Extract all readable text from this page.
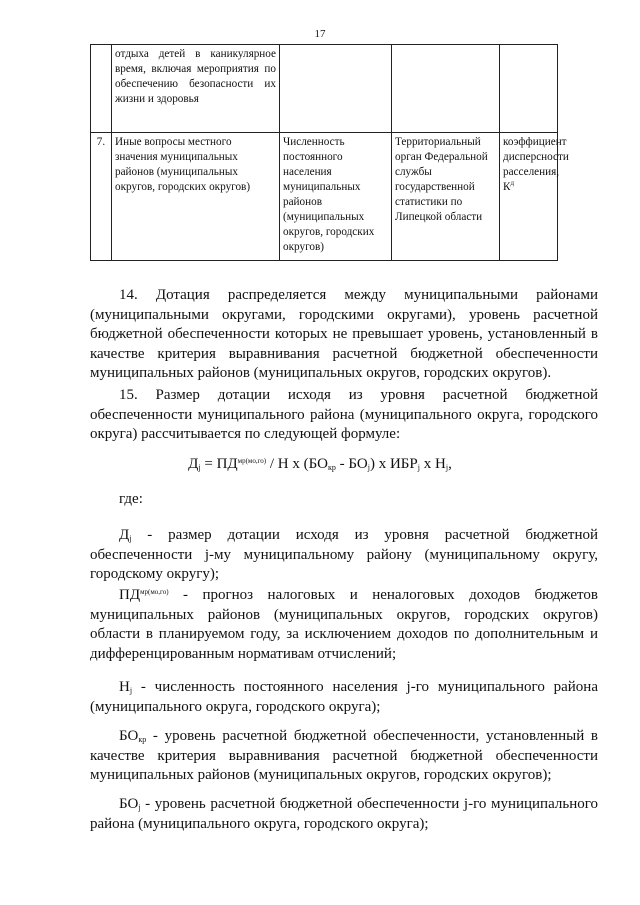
17
	отдыха детей в каникулярное время, включая мероприятия по обеспечению безопасности их жизни и здоровья			
7.	Иные вопросы местного значения муниципальных районов (муниципальных округов, городских округов)	Численность постоянного населения муниципальных районов (муниципальных округов, городских округов)	Территориальный орган Федеральной службы государственной статистики по Липецкой области	коэффициент дисперсности расселения, $К^д$

14. Дотация распределяется между муниципальными районами (муниципальными округами, городскими округами), уровень расчетной бюджетной обеспеченности которых не превышает уровень, установленный в качестве критерия выравнивания расчетной бюджетной обеспеченности муниципальных районов (муниципальных округов, городских округов).

15. Размер дотации исходя из уровня расчетной бюджетной обеспеченности муниципального района (муниципального округа, городского округа) рассчитывается по следующей формуле:

$Д_j = ПД^{мр(мо,го)} / Н$ х $(БО_{кр} - БО_j)$ х $ИБР_j$ х $Н_j$,
где:

$Д_j$ - размер дотации исходя из уровня расчетной бюджетной обеспеченности j-му муниципальному району (муниципальному округу, городскому округу);

$ПД^{мр(мо,го)}$ - прогноз налоговых и неналоговых доходов бюджетов муниципальных районов (муниципальных округов, городских округов) области в планируемом году, за исключением доходов по дополнительным и дифференцированным нормативам отчислений;

$Н_j$ - численность постоянного населения j-го муниципального района (муниципального округа, городского округа);

$БО_{кр}$ - уровень расчетной бюджетной обеспеченности, установленный в качестве критерия выравнивания расчетной бюджетной обеспеченности муниципальных районов (муниципальных округов, городских округов);

$БО_j$ - уровень расчетной бюджетной обеспеченности j-го муниципального района (муниципального округа, городского округа);
